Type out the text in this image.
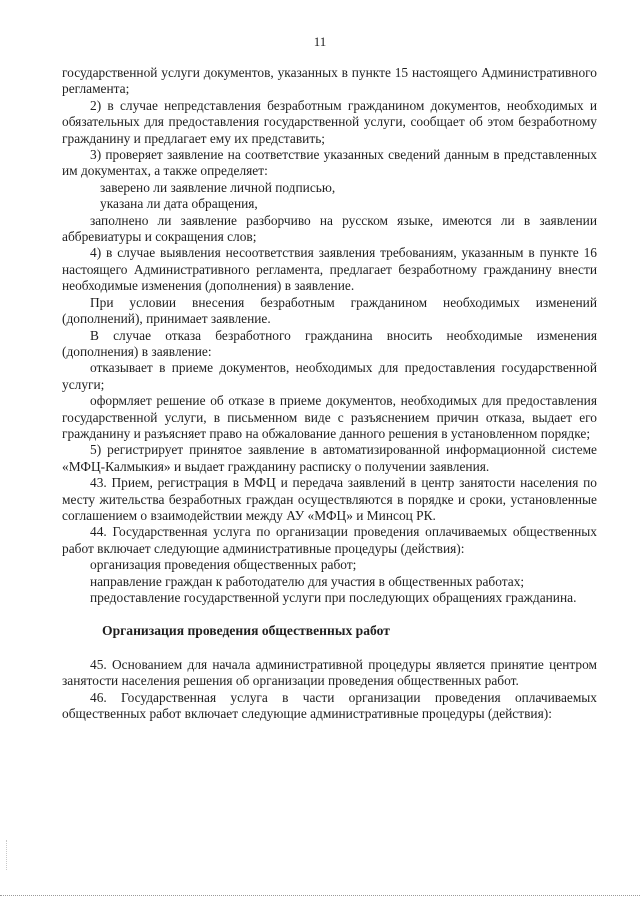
11

государственной услуги документов, указанных в пункте 15 настоящего Административного регламента;

2) в случае непредставления безработным гражданином документов, необходимых и обязательных для предоставления государственной услуги, сообщает об этом безработному гражданину и предлагает ему их представить;

3) проверяет заявление на соответствие указанных сведений данным в представленных им документах, а также определяет:

заверено ли заявление личной подписью,

указана ли дата обращения,

заполнено ли заявление разборчиво на русском языке, имеются ли в заявлении аббревиатуры и сокращения слов;

4) в случае выявления несоответствия заявления требованиям, указанным в пункте 16 настоящего Административного регламента, предлагает безработному гражданину внести необходимые изменения (дополнения) в заявление.

При условии внесения безработным гражданином необходимых изменений (дополнений), принимает заявление.

В случае отказа безработного гражданина вносить необходимые изменения (дополнения) в заявление:

отказывает в приеме документов, необходимых для предоставления государственной услуги;

оформляет решение об отказе в приеме документов, необходимых для предоставления государственной услуги, в письменном виде с разъяснением причин отказа, выдает его гражданину и разъясняет право на обжалование данного решения в установленном порядке;

5) регистрирует принятое заявление в автоматизированной информационной системе «МФЦ-Калмыкия» и выдает гражданину расписку о получении заявления.

43. Прием, регистрация в МФЦ и передача заявлений в центр занятости населения по месту жительства безработных граждан осуществляются в порядке и сроки, установленные соглашением о взаимодействии между АУ «МФЦ» и Минсоц РК.

44. Государственная услуга по организации проведения оплачиваемых общественных работ включает следующие административные процедуры (действия):

организация проведения общественных работ;

направление граждан к работодателю для участия в общественных работах;

предоставление государственной услуги при последующих обращениях гражданина.

Организация проведения общественных работ

45. Основанием для начала административной процедуры является принятие центром занятости населения решения об организации проведения общественных работ.

46. Государственная услуга в части организации проведения оплачиваемых общественных работ включает следующие административные процедуры (действия):
